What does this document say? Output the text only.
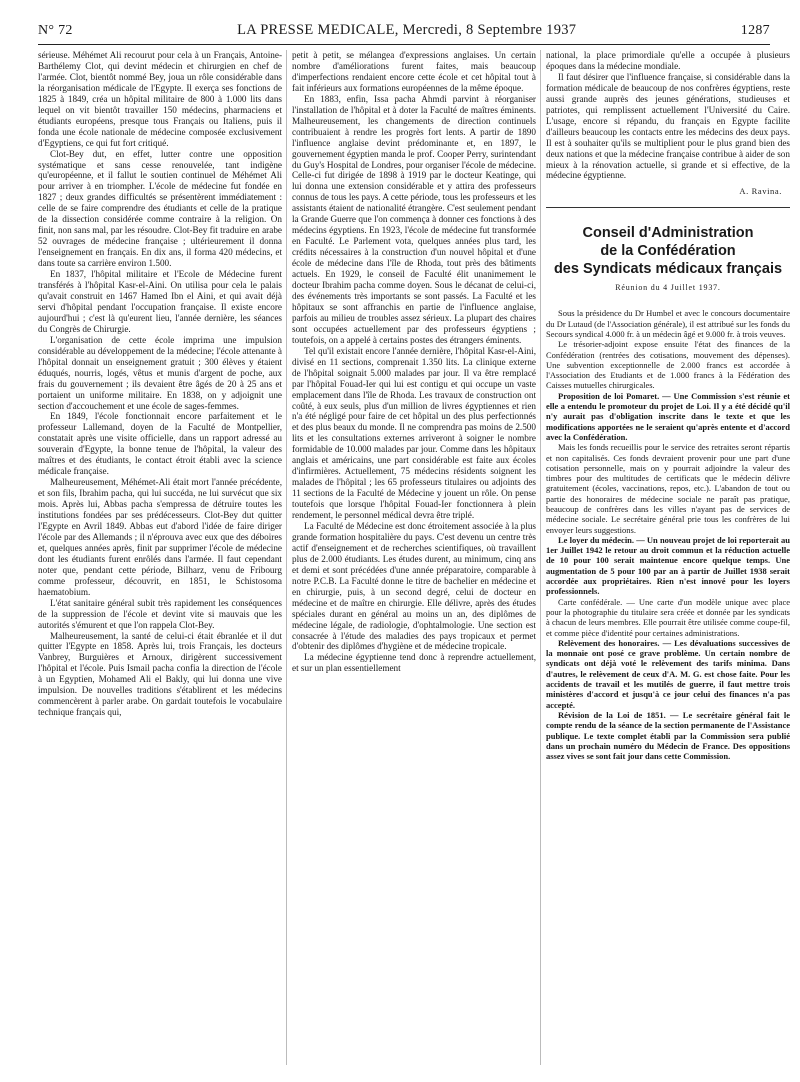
N° 72	LA PRESSE MEDICALE, Mercredi, 8 Septembre 1937	1287

sérieuse. Méhémet Ali recourut pour cela à un Français, Antoine-Barthélemy Clot, qui devint médecin et chirurgien en chef de l'armée. Clot, bientôt nommé Bey, joua un rôle considérable dans la réorganisation médicale de l'Egypte. Il exerça ses fonctions de 1825 à 1849, créa un hôpital militaire de 800 à 1.000 lits dans lequel on vit bientôt travailler 150 médecins, pharmaciens et étudiants européens, presque tous Français ou Italiens, puis il fonda une école nationale de médecine composée exclusivement d'Egyptiens, ce qui fut fort critiqué.

Clot-Bey dut, en effet, lutter contre une opposition systématique et sans cesse renouvelée, tant indigène qu'européenne, et il fallut le soutien continuel de Méhémet Ali pour arriver à en triompher. L'école de médecine fut fondée en 1827 ; deux grandes difficultés se présentèrent immédiatement : celle de se faire comprendre des étudiants et celle de la pratique de la dissection considérée comme contraire à la religion. On finit, non sans mal, par les résoudre. Clot-Bey fit traduire en arabe 52 ouvrages de médecine française ; ultérieurement il donna l'enseignement en français. En dix ans, il forma 420 médecins, et dans toute sa carrière environ 1.500.

En 1837, l'hôpital militaire et l'Ecole de Médecine furent transférés à l'hôpital Kasr-el-Aini. On utilisa pour cela le palais qu'avait construit en 1467 Hamed Ibn el Aini, et qui avait déjà servi d'hôpital pendant l'occupation française. Il existe encore aujourd'hui ; c'est là qu'eurent lieu, l'année dernière, les séances du Congrès de Chirurgie.

L'organisation de cette école imprima une impulsion considérable au développement de la médecine; l'école attenante à l'hôpital donnait un enseignement gratuit ; 300 élèves y étaient éduqués, nourris, logés, vêtus et munis d'argent de poche, aux frais du gouvernement ; ils devaient être âgés de 20 à 25 ans et portaient un uniforme militaire. En 1838, on y adjoignit une section d'accouchement et une école de sages-femmes.

En 1849, l'école fonctionnait encore parfaitement et le professeur Lallemand, doyen de la Faculté de Montpellier, constatait après une visite officielle, dans un rapport adressé au souverain d'Egypte, la bonne tenue de l'hôpital, la valeur des maîtres et des étudiants, le contact étroit établi avec la science médicale française.

Malheureusement, Méhémet-Ali était mort l'année précédente, et son fils, Ibrahim pacha, qui lui succéda, ne lui survécut que six mois. Après lui, Abbas pacha s'empressa de détruire toutes les institutions fondées par ses prédécesseurs. Clot-Bey dut quitter l'Egypte en Avril 1849. Abbas eut d'abord l'idée de faire diriger l'école par des Allemands ; il n'éprouva avec eux que des déboires et, quelques années après, finit par supprimer l'école de médecine dont les étudiants furent enrôlés dans l'armée. Il faut cependant noter que, pendant cette période, Bilharz, venu de Fribourg comme professeur, découvrit, en 1851, le Schistosoma haematobium.

L'état sanitaire général subit très rapidement les conséquences de la suppression de l'école et devint vite si mauvais que les autorités s'émurent et que l'on rappela Clot-Bey.

Malheureusement, la santé de celui-ci était ébranlée et il dut quitter l'Egypte en 1858. Après lui, trois Français, les docteurs Vanbrey, Burguières et Arnoux, dirigèrent successivement l'hôpital et l'école. Puis Ismail pacha confia la direction de l'école à un Egyptien, Mohamed Ali el Bakly, qui lui donna une vive impulsion. De nouvelles traditions s'établirent et les médecins commencèrent à parler arabe. On gardait toutefois le vocabulaire technique français qui,

petit à petit, se mélangea d'expressions anglaises. Un certain nombre d'améliorations furent faites, mais beaucoup d'imperfections rendaient encore cette école et cet hôpital tout à fait inférieurs aux formations européennes de la même époque.

En 1883, enfin, Issa pacha Ahmdi parvint à réorganiser l'installation de l'hôpital et à doter la Faculté de maîtres éminents. Malheureusement, les changements de direction continuels contribuaient à rendre les progrès fort lents. A partir de 1890 l'influence anglaise devint prédominante et, en 1897, le gouvernement égyptien manda le prof. Cooper Perry, surintendant du Guy's Hospital de Londres, pour organiser l'école de médecine. Celle-ci fut dirigée de 1898 à 1919 par le docteur Keatinge, qui lui donna une extension considérable et y attira des professeurs connus de tous les pays. A cette période, tous les professeurs et les assistants étaient de nationalité étrangère. C'est seulement pendant la Grande Guerre que l'on commença à donner ces fonctions à des médecins égyptiens. En 1923, l'école de médecine fut transformée en Faculté. Le Parlement vota, quelques années plus tard, les crédits nécessaires à la construction d'un nouvel hôpital et d'une école de médecine dans l'île de Rhoda, tout près des bâtiments actuels. En 1929, le conseil de Faculté élit unanimement le docteur Ibrahim pacha comme doyen. Sous le décanat de celui-ci, des événements très importants se sont passés. La Faculté et les hôpitaux se sont affranchis en partie de l'influence anglaise, parfois au milieu de troubles assez sérieux. La plupart des chaires sont occupées actuellement par des professeurs égyptiens ; toutefois, on a appelé à certains postes des étrangers éminents.

Tel qu'il existait encore l'année dernière, l'hôpital Kasr-el-Aini, divisé en 11 sections, comprenait 1.350 lits. La clinique externe de l'hôpital soignait 5.000 malades par jour. Il va être remplacé par l'hôpital Fouad-Ier qui lui est contigu et qui occupe un vaste emplacement dans l'île de Rhoda. Les travaux de construction ont coûté, à eux seuls, plus d'un million de livres égyptiennes et rien n'a été négligé pour faire de cet hôpital un des plus perfectionnés et des plus beaux du monde. Il ne comprendra pas moins de 2.500 lits et les consultations externes arriveront à soigner le nombre formidable de 10.000 malades par jour. Comme dans les hôpitaux anglais et américains, une part considérable est faite aux écoles d'infirmières. Actuellement, 75 médecins résidents soignent les malades de l'hôpital ; les 65 professeurs titulaires ou adjoints des 11 sections de la Faculté de Médecine y jouent un rôle. On pense toutefois que lorsque l'hôpital Fouad-Ier fonctionnera à plein rendement, le personnel médical devra être triplé.

La Faculté de Médecine est donc étroitement associée à la plus grande formation hospitalière du pays. C'est devenu un centre très actif d'enseignement et de recherches scientifiques, où travaillent plus de 2.000 étudiants. Les études durent, au minimum, cinq ans et demi et sont précédées d'une année préparatoire, comparable à notre P.C.B. La Faculté donne le titre de bachelier en médecine et en chirurgie, puis, à un second degré, celui de docteur en médecine et de maître en chirurgie. Elle délivre, après des études spéciales durant en général au moins un an, des diplômes de médecine légale, de radiologie, d'ophtalmologie. Une section est consacrée à l'étude des maladies des pays tropicaux et permet d'obtenir des diplômes d'hygiène et de médecine tropicale.

La médecine égyptienne tend donc à reprendre actuellement, et sur un plan essentiellement

national, la place primordiale qu'elle a occupée à plusieurs époques dans la médecine mondiale.

Il faut désirer que l'influence française, si considérable dans la formation médicale de beaucoup de nos confrères égyptiens, reste aussi grande auprès des jeunes générations, studieuses et patriotes, qui remplissent actuellement l'Université du Caire. L'usage, encore si répandu, du français en Egypte facilite d'ailleurs beaucoup les contacts entre les médecins des deux pays. Il est à souhaiter qu'ils se multiplient pour le plus grand bien des deux nations et que la médecine française contribue à aider de son mieux à la rénovation actuelle, si grande et si effective, de la médecine égyptienne.

A. Ravina.
Conseil d'Administration
de la Confédération
des Syndicats médicaux français
Réunion du 4 Juillet 1937.

Sous la présidence du Dr Humbel et avec le concours documentaire du Dr Lutaud (de l'Association générale), il est attribué sur les fonds du Secours syndical 4.000 fr. à un médecin âgé et 9.000 fr. à trois veuves.

Le trésorier-adjoint expose ensuite l'état des finances de la Confédération (rentrées des cotisations, mouvement des dépenses). Une subvention exceptionnelle de 2.000 francs est accordée à l'Association des Etudiants et de 1.000 francs à la Fédération des Caisses mutuelles chirurgicales.

Proposition de loi Pomaret. — Une Commission s'est réunie et elle a entendu le promoteur du projet de Loi. Il y a été décidé qu'il n'y aurait pas d'obligation inscrite dans le texte et que les modifications apportées ne le seraient qu'après entente et d'accord avec la Confédération.

Mais les fonds recueillis pour le service des retraites seront répartis et non capitalisés. Ces fonds devraient provenir pour une part d'une cotisation personnelle, mais on y pourrait adjoindre la valeur des timbres pour des multitudes de certificats que le médecin délivre gratuitement (écoles, vaccinations, repos, etc.). L'abandon de tout ou partie des honoraires de médecine sociale ne paraît pas pratique, beaucoup de confrères dans les villes n'ayant pas de services de médecine sociale. Le secrétaire général prie tous les confrères de lui envoyer leurs suggestions.

Le loyer du médecin. — Un nouveau projet de loi reporterait au 1er Juillet 1942 le retour au droit commun et la réduction actuelle de 10 pour 100 serait maintenue encore quelque temps. Une augmentation de 5 pour 100 par an à partir de Juillet 1938 serait accordée aux propriétaires. Rien n'est innové pour les loyers professionnels.

Carte confédérale. — Une carte d'un modèle unique avec place pour la photographie du titulaire sera créée et donnée par les syndicats à chacun de leurs membres. Elle pourrait être utilisée comme coupe-fil, et comme pièce d'identité pour certaines administrations.

Relèvement des honoraires. — Les dévaluations successives de la monnaie ont posé ce grave problème. Un certain nombre de syndicats ont déjà voté le relèvement des tarifs minima. Dans d'autres, le relèvement de ceux d'A. M. G. est chose faite. Pour les accidents de travail et les mutilés de guerre, il faut mettre trois ministères d'accord et jusqu'à ce jour celui des finances n'a pas accepté.

Révision de la Loi de 1851. — Le secrétaire général fait le compte rendu de la séance de la section permanente de l'Assistance publique. Le texte complet établi par la Commission sera publié dans un prochain numéro du Médecin de France. Des oppositions assez vives se sont fait jour dans cette Commission.
